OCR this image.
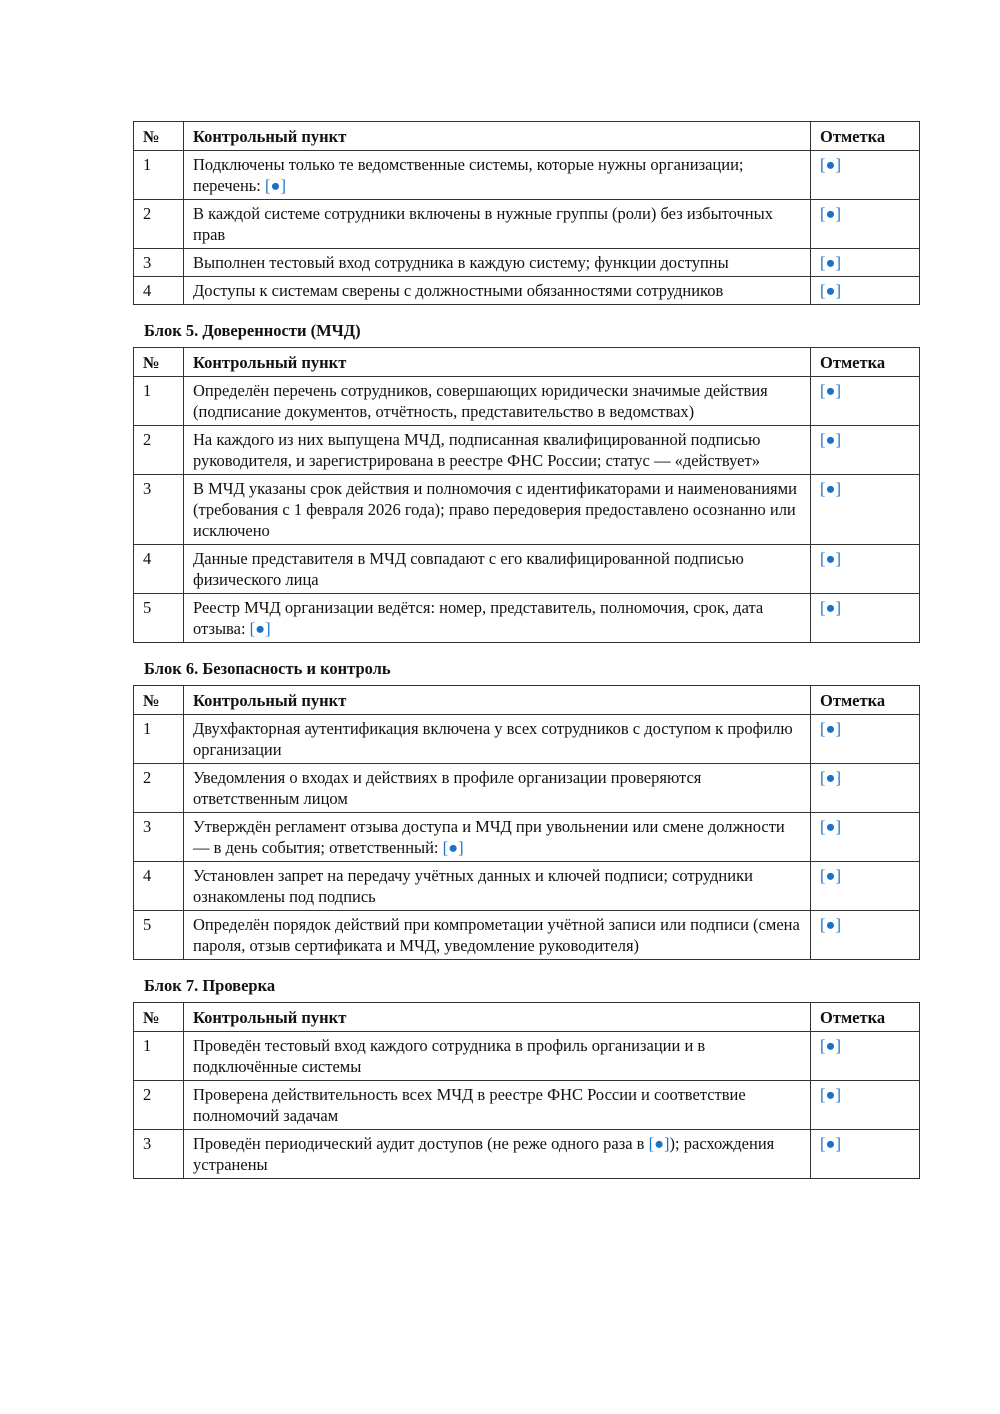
№	Контрольный пункт	Отметка
1	Подключены только те ведомственные системы, которые нужны организации; перечень: [●]	[●]
2	В каждой системе сотрудники включены в нужные группы (роли) без избыточных прав	[●]
3	Выполнен тестовый вход сотрудника в каждую систему; функции доступны	[●]
4	Доступы к системам сверены с должностными обязанностями сотрудников	[●]
Блок 5. Доверенности (МЧД)
№	Контрольный пункт	Отметка
1	Определён перечень сотрудников, совершающих юридически значимые действия (подписание документов, отчётность, представительство в ведомствах)	[●]
2	На каждого из них выпущена МЧД, подписанная квалифицированной подписью руководителя, и зарегистрирована в реестре ФНС России; статус — «действует»	[●]
3	В МЧД указаны срок действия и полномочия с идентификаторами и наименованиями (требования с 1 февраля 2026 года); право передоверия предоставлено осознанно или исключено	[●]
4	Данные представителя в МЧД совпадают с его квалифицированной подписью физического лица	[●]
5	Реестр МЧД организации ведётся: номер, представитель, полномочия, срок, дата отзыва: [●]	[●]
Блок 6. Безопасность и контроль
№	Контрольный пункт	Отметка
1	Двухфакторная аутентификация включена у всех сотрудников с доступом к профилю организации	[●]
2	Уведомления о входах и действиях в профиле организации проверяются ответственным лицом	[●]
3	Утверждён регламент отзыва доступа и МЧД при увольнении или смене должности — в день события; ответственный: [●]	[●]
4	Установлен запрет на передачу учётных данных и ключей подписи; сотрудники ознакомлены под подпись	[●]
5	Определён порядок действий при компрометации учётной записи или подписи (смена пароля, отзыв сертификата и МЧД, уведомление руководителя)	[●]
Блок 7. Проверка
№	Контрольный пункт	Отметка
1	Проведён тестовый вход каждого сотрудника в профиль организации и в подключённые системы	[●]
2	Проверена действительность всех МЧД в реестре ФНС России и соответствие полномочий задачам	[●]
3	Проведён периодический аудит доступов (не реже одного раза в [●]); расхождения устранены	[●]
